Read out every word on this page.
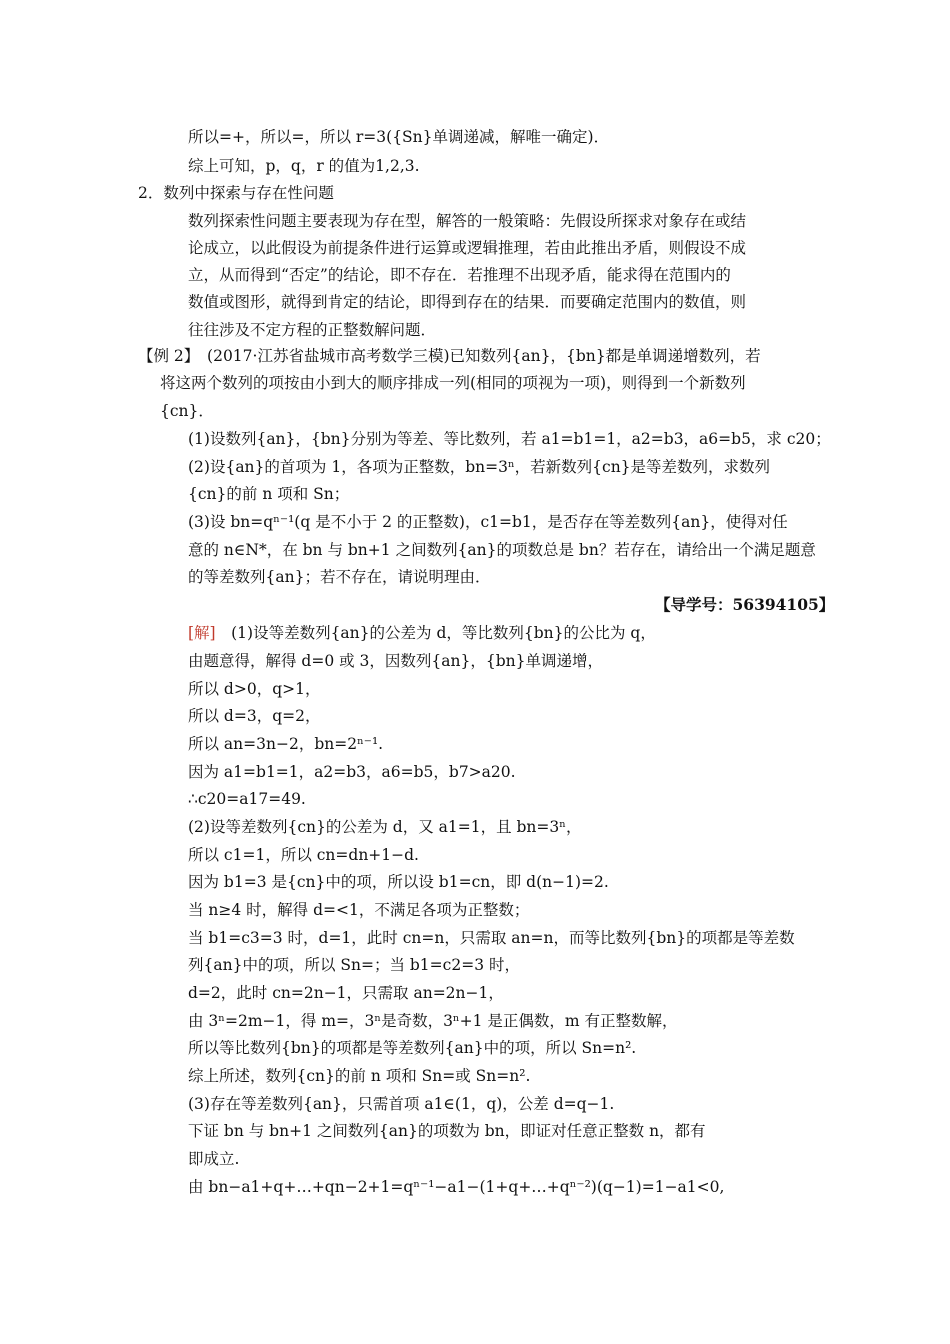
所以=+，所以=，所以 r=3({Sn}单调递减，解唯一确定)．
综上可知，p，q，r 的值为1,2,3.
2．数列中探索与存在性问题
数列探索性问题主要表现为存在型，解答的一般策略：先假设所探求对象存在或结
论成立，以此假设为前提条件进行运算或逻辑推理，若由此推出矛盾，则假设不成
立，从而得到“否定”的结论，即不存在．若推理不出现矛盾，能求得在范围内的
数值或图形，就得到肯定的结论，即得到存在的结果．而要确定范围内的数值，则
往往涉及不定方程的正整数解问题．
【例 2】　(2017·江苏省盐城市高考数学三模)已知数列{an}，{bn}都是单调递增数列，若
将这两个数列的项按由小到大的顺序排成一列(相同的项视为一项)，则得到一个新数列
{cn}．
(1)设数列{an}，{bn}分别为等差、等比数列，若 a1=b1=1，a2=b3，a6=b5，求 c20；
(2)设{an}的首项为 1，各项为正整数，bn=3ⁿ，若新数列{cn}是等差数列，求数列
{cn}的前 n 项和 Sn；
(3)设 bn=qⁿ⁻¹(q 是不小于 2 的正整数)，c1=b1，是否存在等差数列{an}，使得对任
意的 n∈N*，在 bn 与 bn+1 之间数列{an}的项数总是 bn？若存在，请给出一个满足题意
的等差数列{an}；若不存在，请说明理由．
【导学号：56394105】
[解]　(1)设等差数列{an}的公差为 d，等比数列{bn}的公比为 q，
由题意得，解得 d=0 或 3，因数列{an}，{bn}单调递增，
所以 d>0，q>1，
所以 d=3，q=2，
所以 an=3n−2，bn=2ⁿ⁻¹.
因为 a1=b1=1，a2=b3，a6=b5，b7>a20.
∴c20=a17=49.
(2)设等差数列{cn}的公差为 d，又 a1=1，且 bn=3ⁿ，
所以 c1=1，所以 cn=dn+1−d.
因为 b1=3 是{cn}中的项，所以设 b1=cn，即 d(n−1)=2.
当 n≥4 时，解得 d=<1，不满足各项为正整数；
当 b1=c3=3 时，d=1，此时 cn=n，只需取 an=n，而等比数列{bn}的项都是等差数
列{an}中的项，所以 Sn=；当 b1=c2=3 时，
d=2，此时 cn=2n−1，只需取 an=2n−1，
由 3ⁿ=2m−1，得 m=，3ⁿ是奇数，3ⁿ+1 是正偶数，m 有正整数解，
所以等比数列{bn}的项都是等差数列{an}中的项，所以 Sn=n².
综上所述，数列{cn}的前 n 项和 Sn=或 Sn=n².
(3)存在等差数列{an}，只需首项 a1∈(1，q)，公差 d=q−1.
下证 bn 与 bn+1 之间数列{an}的项数为 bn，即证对任意正整数 n，都有
即成立.
由 bn−a1+q+…+qn−2+1=qⁿ⁻¹−a1−(1+q+…+qⁿ⁻²)(q−1)=1−a1<0,
